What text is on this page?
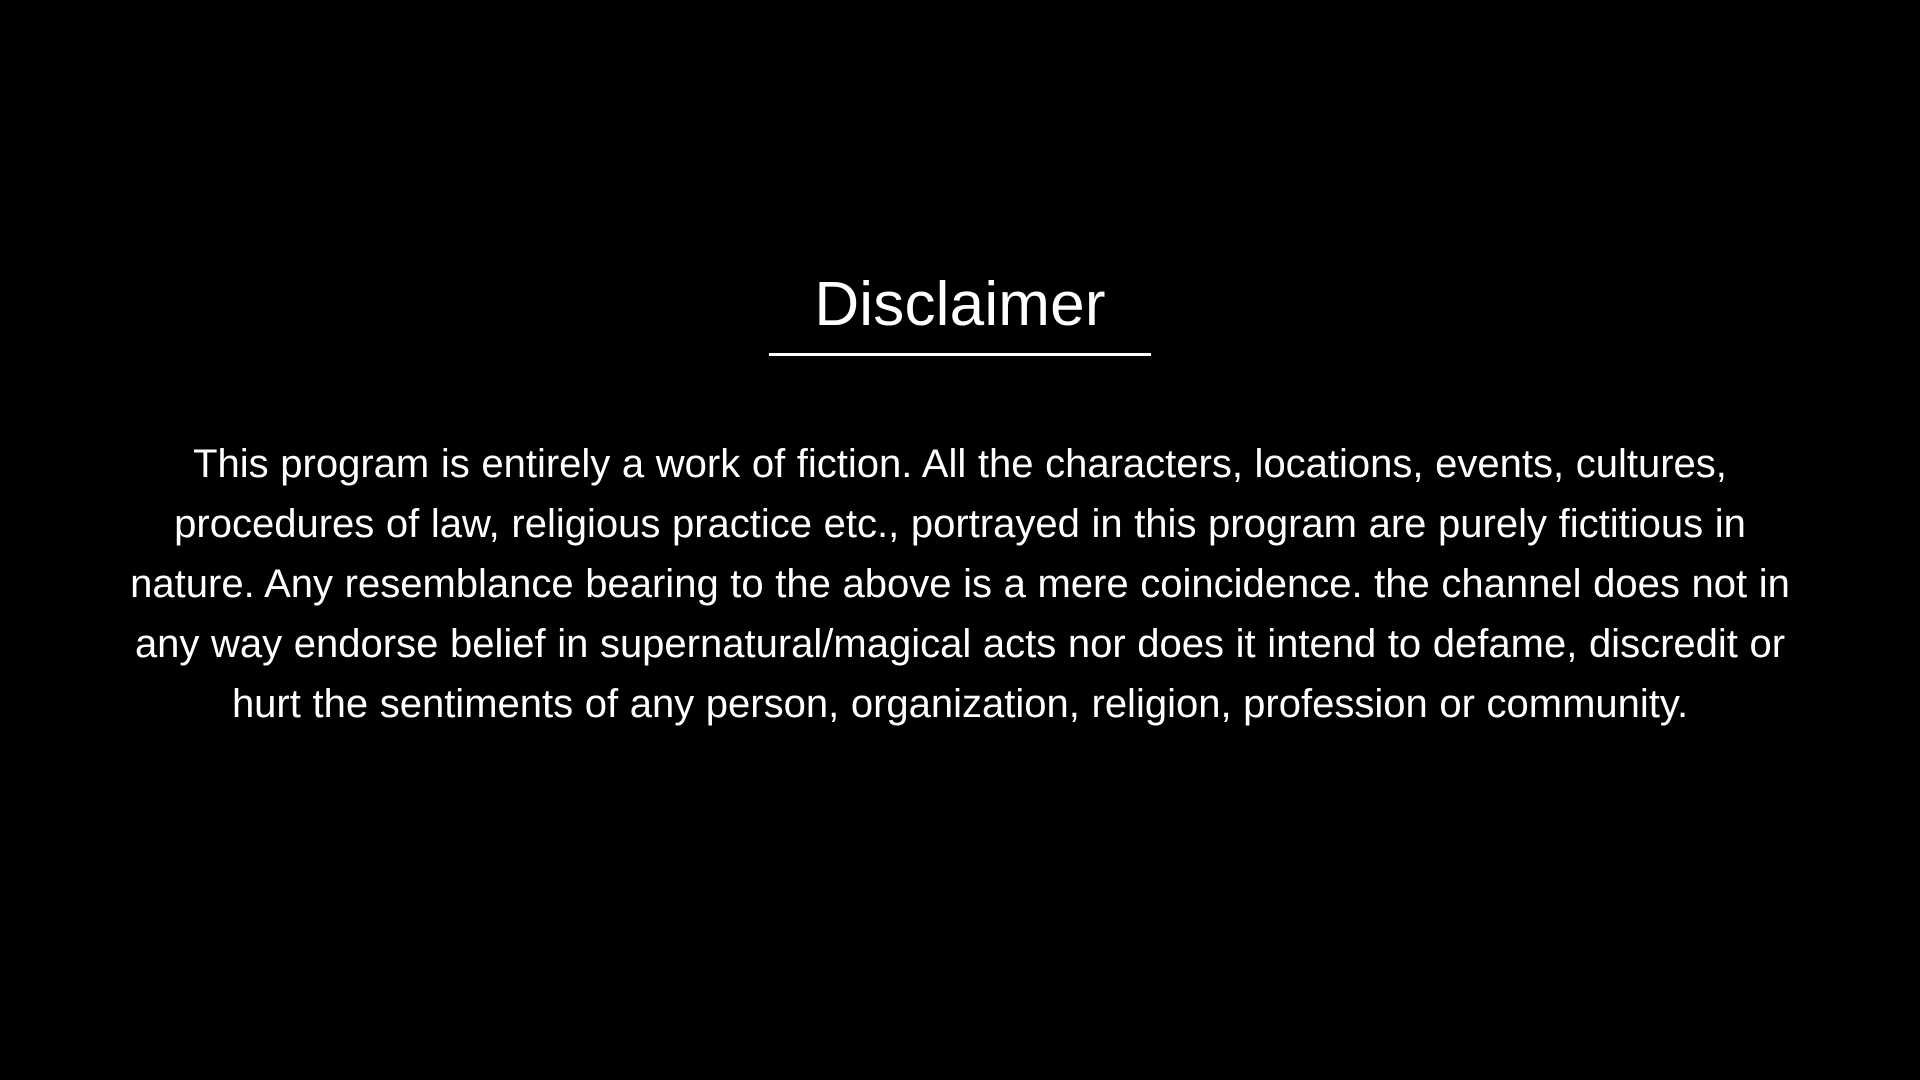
Disclaimer

This program is entirely a work of fiction. All the characters, locations, events, cultures, procedures of law, religious practice etc., portrayed in this program are purely fictitious in nature. Any resemblance bearing to the above is a mere coincidence. the channel does not in any way endorse belief in supernatural/magical acts nor does it intend to defame, discredit or hurt the sentiments of any person, organization, religion, profession or community.
